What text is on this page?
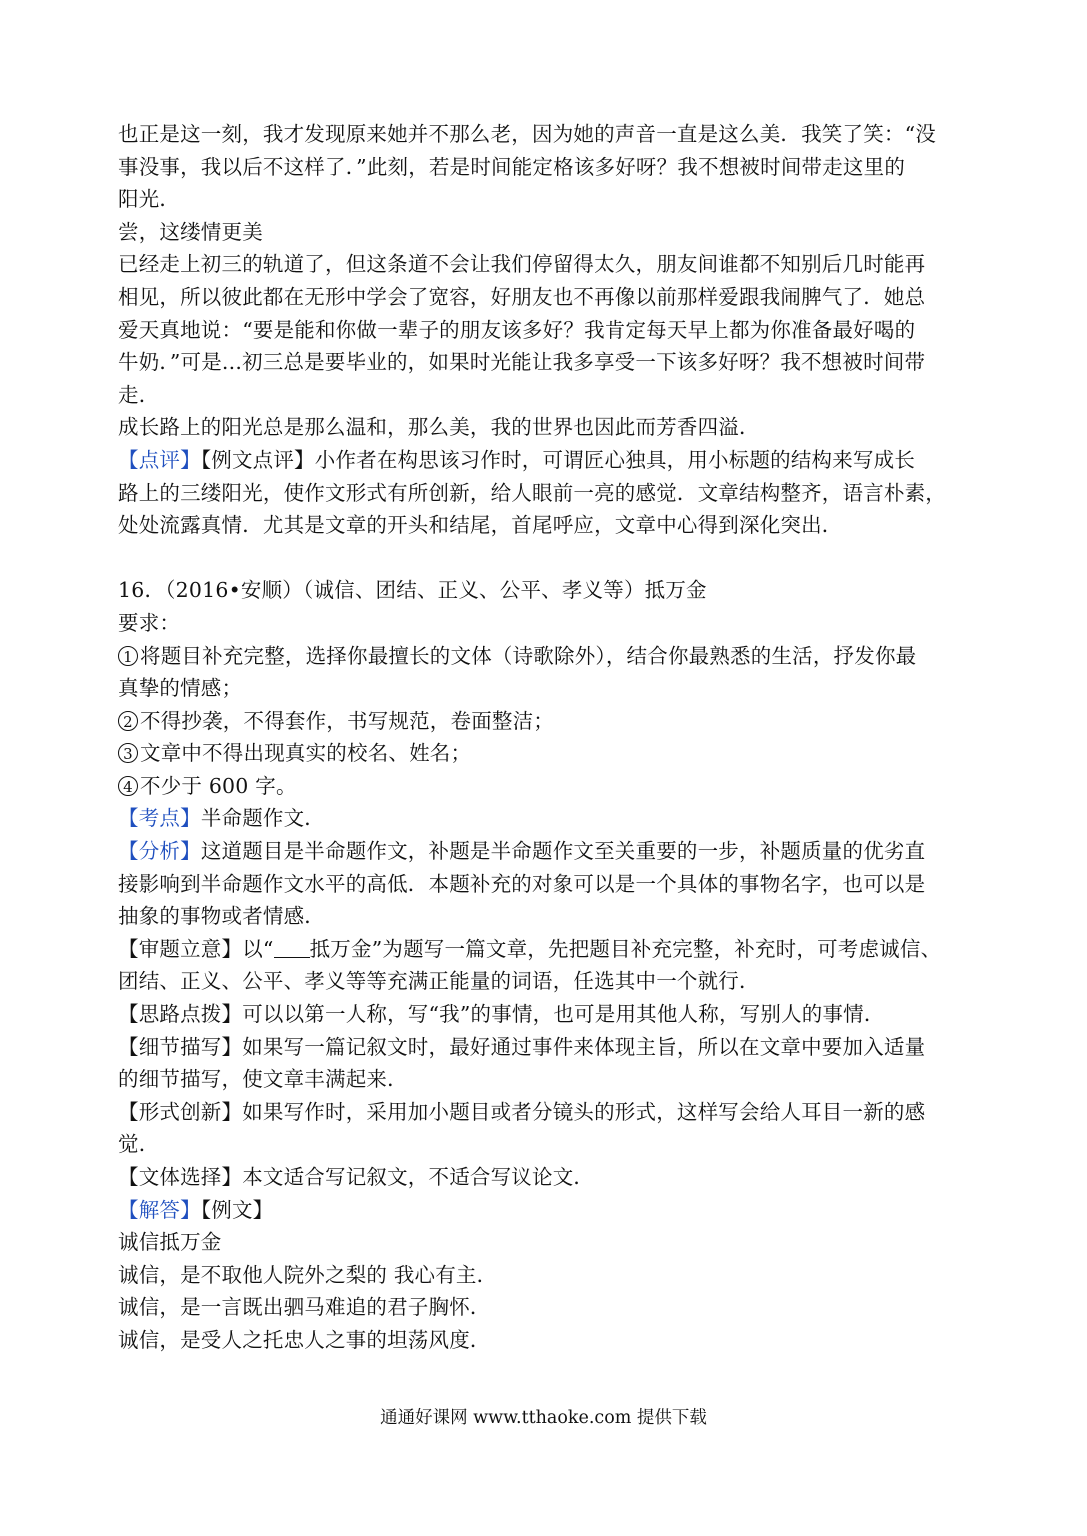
也正是这一刻，我才发现原来她并不那么老，因为她的声音一直是这么美．我笑了笑：“没
事没事，我以后不这样了．”此刻，若是时间能定格该多好呀？我不想被时间带走这里的
阳光．
尝，这缕情更美
已经走上初三的轨道了，但这条道不会让我们停留得太久，朋友间谁都不知别后几时能再
相见，所以彼此都在无形中学会了宽容，好朋友也不再像以前那样爱跟我闹脾气了．她总
爱天真地说：“要是能和你做一辈子的朋友该多好？我肯定每天早上都为你准备最好喝的
牛奶．”可是...初三总是要毕业的，如果时光能让我多享受一下该多好呀？我不想被时间带
走．
成长路上的阳光总是那么温和，那么美，我的世界也因此而芳香四溢．
【点评】【例文点评】小作者在构思该习作时，可谓匠心独具，用小标题的结构来写成长
路上的三缕阳光，使作文形式有所创新，给人眼前一亮的感觉．文章结构整齐，语言朴素，
处处流露真情．尤其是文章的开头和结尾，首尾呼应，文章中心得到深化突出．
16．（2016•安顺）（诚信、团结、正义、公平、孝义等）抵万金
要求：
1 将题目补充完整，选择你最擅长的文体（诗歌除外），结合你最熟悉的生活，抒发你最
真挚的情感；
2 不得抄袭，不得套作，书写规范，卷面整洁；
3 文章中不得出现真实的校名、姓名；
4 不少于 600 字。
【考点】半命题作文．
【分析】这道题目是半命题作文，补题是半命题作文至关重要的一步，补题质量的优劣直
接影响到半命题作文水平的高低．本题补充的对象可以是一个具体的事物名字，也可以是
抽象的事物或者情感．
【审题立意】以“ 抵万金”为题写一篇文章，先把题目补充完整，补充时，可考虑诚信、
团结、正义、公平、孝义等等充满正能量的词语，任选其中一个就行．
【思路点拨】可以以第一人称，写“我”的事情，也可是用其他人称，写别人的事情．
【细节描写】如果写一篇记叙文时，最好通过事件来体现主旨，所以在文章中要加入适量
的细节描写，使文章丰满起来．
【形式创新】如果写作时，采用加小题目或者分镜头的形式，这样写会给人耳目一新的感
觉．
【文体选择】本文适合写记叙文，不适合写议论文．
【解答】【例文】
诚信抵万金
诚信，是不取他人院外之梨的 我心有主．
诚信，是一言既出驷马难追的君子胸怀．
诚信，是受人之托忠人之事的坦荡风度．
通通好课网 www.tthaoke.com 提供下载
